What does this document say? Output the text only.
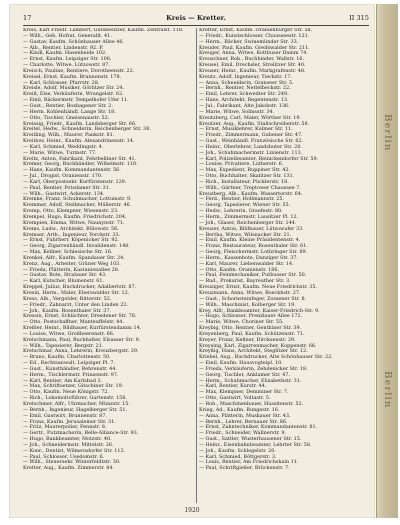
17	Kreis — Kretter.	II 315
Kreis, Karl Friedr. Lambert, Gutsbesitzer, Kaufm. Zentralst. 118.
— Wilh., Geh. Hofrat, Generallt. 41.
— Gustav, Kaufm. Schönhauser Allee 46.
— Alb., Rentier, Lindenstr. 92. P.
— Kindl, Kaufm. Hasenheide 102.
— Ernst, Kaufm. Leipziger Str. 108.
— Charlotte, Witwe, Lützowstr. 87.
Kreisch, Pauline, Rentiere, Dorotheenstr. 22.
Kreisel, Ernst, Kaufm. Brunnenstr. 178.
— Karl, Schlosser, Pfarrstr. 28.
Kreisle, Adolf, Musiker, Görlitzer Str. 24.
Kreiß, Else, Verkäuferin, Wrangelstr. 62.
— Emil, Bäckermstr. Tempelhofer Ufer 11.
— Gust., Rentier, Boxhagener Str. 2.
— Herm. Kohlenhändl. Lange Str. 18.
— Otto, Tischler, Gneisenaustr. 52.
Kreissig, Friedr., Kaufm. Landsberger Str. 66.
Kreitel, Hedw., Schneiderin, Reichenberger Str. 38.
Kreitling, Wilh., Maurer, Pankstr. 81.
Kreitlow, Heinr., Kaufm. Alexandrinenstr. 14.
— Karl, Schmied, Weddingstr. 4.
— Marie, Witwe, Turmstr. 77.
Kreitz, Anton, Fabrikant, Fehrbelliner Str. 41.
Kremer, Georg, Buchhändler, Wilhelmstr. 118.
— Hans, Kaufm. Kommandantenstr. 56.
— Jul., Drogist, Oranienstr. 170.
— Karl, Oberpostsekr. Kurfürstenstr. 129.
— Paul, Rentier, Potsdamer Str. 31.
— Wilh., Gastwirt, Ackerstr. 134.
Kremke, Franz, Schuhmacher, Lottumstr. 9.
Kremmer, Adolf, Stellmacher, Müllerstr. 46.
Kremp, Otto, Klempner, Wiesenstr. 23.
Krempel, Hugo, Kaufm. Friedrichstr. 204.
Krempien, Emma, Witwe, Naunynstr. 71.
Krems, Ludw., Architekt, Bülowstr. 56.
Kremser, Arth., Ingenieur, Yorckstr. 33.
— Ernst, Fuhrherr, Köpenicker Str. 92.
— Georg, Zigarrenhändl. Invalidenstr. 148.
— Max, Kellner, Schlesische Str. 16.
Krenkel, Alfr., Kaufm. Spandauer Str. 24.
Krenz, Aug., Arbeiter, Grüner Weg 103.
— Frieda, Plätterin, Kastanienallee 28.
— Gustav, Bote, Stralauer Str. 43.
— Karl, Kutscher, Blumenstr. 61.
Kreppel, Julius, Buchdrucker, Adalbertstr. 87.
Kresin, Herm., Maler, Eberswalder Str. 12.
Kress, Alb., Vergolder, Ritterstr. 52.
— Friedr., Zahnarzt, Unter den Linden 23.
— Joh., Kaufm. Rosenthaler Str. 37.
Kressin, Ernst, Schlächter, Dresdener Str. 78.
— Otto, Postschaffner, Manteuffelstr. 44.
Kreßler, Heinr., Bildhauer, Kurfürstendamm 14.
— Louise, Witwe, Großbeerenstr. 66.
Kretschmann, Paul, Buchhalter, Elsasser Str. 9.
— Wilh., Tapezierer, Bergstr. 21.
Kretschmar, Anna, Lehrerin, Kreuzbergstr. 29.
— Bruno, Kaufm. Charlottenstr. 50.
— Ed., Rechtsanwalt, Leipziger Pl. 7.
— Gust., Kunsthändler, Behrenstr. 44.
— Herm., Tischlermstr. Prinzenstr. 97.
— Karl, Rentier, Am Karlsbad 3.
— Max, Schriftsetzer, Gitschiner Str. 19.
— Otto, Kaufm. Neue Königstr. 72.
— Rich., Lokomotivführer, Gartenstr. 158.
Kretschmer, Alfr., Uhrmacher, Münzstr. 15.
— Bernh., Ingenieur, Hagelberger Str. 51.
— Emil, Gastwirt, Brunnenstr. 87.
— Franz, Kaufm. Jerusalemer Str. 31.
— Fritz, Maurerpolier, Fennstr. 8.
— Gertr., Putzmacherin, Belle-Alliance-Str. 93.
— Hugo, Bankbeamter, Motzstr. 40.
— Joh., Schneidermstr. Mittelstr. 26.
— Konr., Dentist, Wilmersdorfer Str. 112.
— Paul, Schlosser, Usedomstr. 6.
— Wilh., Steuersekr. Winterfeldtstr. 30.
Kretter, Aug., Kaufm. Zimmerstr. 84.
Kretter, Ernst, Kaufm. Oranienburger Str. 58.
— Friedr., Kunstschlosser, Chausseestr. 121.
— Herm., Bäcker, Swinemünder Str. 33.
Kreuder, Paul, Kaufm. Greifswalder Str. 211.
Kreuger, Anna, Witwe, Kottbuser Damm 74.
Kreuschner, Rob., Buchbinder, Wallstr. 16.
Kreusel, Emil, Drechsler, Strelitzer Str. 40.
Kreuser, Heinr., Kaufm. Markgrafenstr. 48.
Kreutz, Adolf, Ingenieur, Tieckstr. 17.
— Anna, Schneiderin, Granseer Str. 5.
— Bernh., Rentier, Nettelbeckstr. 22.
— Emil, Lehrer, Schwedter Str. 249.
— Hans, Architekt, Regentenstr. 13.
— Jul., Fabrikant, Alte Jakobstr. 136.
— Marie, Witwe, Solmsstr. 34.
Kreutzberg, Carl, Maler, Wörther Str. 19.
Kreutzer, Aug., Kaufm. Stallschreiberstr. 58.
— Ernst, Musiklehrer, Kulmer Str. 11.
— Friedr., Zimmermann, Gubener Str. 47.
— Gust., Weinhändl. Französische Str. 62.
— Heinr., Oberlehrer, Landshuter Str. 28.
— Joh., Schuhmachermstr. Linienstr. 113.
— Karl, Polizeibeamter, Reinickendorfer Str. 59.
— Louise, Privatiere, Lutherstr. 6.
— Max, Expedient, Ruppiner Str. 42.
— Otto, Buchhalter, Skalitzer Str. 131.
— Rich., Installateur, Pücklerstr. 18.
— Wilh., Gärtner, Treptower Chaussee 7.
Kreuzberg, Alb., Kaufm. Wassertorstr. 64.
— Ferd., Rentier, Hollmannstr. 25.
— Georg, Tapezierer, Wiener Str. 55.
— Hedw., Lehrerin, Graefestr. 80.
— Herm., Zimmermstr. Lausitzer Pl. 12.
— Joh., Glaser, Reichenberger Str. 144.
Kreuzer, Anton, Bildhauer, Lützowufer 33.
— Bertha, Witwe, Wilsnacker Str. 21.
— Emil, Kaufm. Kleine Präsidentenstr. 4.
— Franz, Restaurateur, Rosenthaler Str. 61.
— Georg, Fleischermstr. Lothringer Str. 89.
— Herm., Kassenbote, Danziger Str. 37.
— Karl, Maurer, Liebenwalder Str. 14.
— Otto, Kaufm. Oranienstr. 186.
— Paul, Feinmechaniker, Putbusser Str. 50.
— Rud., Prokurist, Bayreuther Str. 3.
Kreuziger, Ernst, Kaufm. Neue Friedrichstr. 35.
Kreuzmann, Anna, Witwe, Boeckhstr. 27.
— Gust., Schornsteinfeger, Zossener Str. 8.
— Wilh., Maschinist, Kolberger Str. 19.
Krey, Alfr., Bankbeamter, Kaiser-Friedrich-Str. 9.
— Hugo, Schlosser, Prenzlauer Allee 172.
— Marie, Witwe, Choriner Str. 55.
Kreybig, Otto, Rentier, Genthiner Str. 39.
Kreyenberg, Paul, Kaufm. Schützenstr. 71.
Kreyer, Franz, Kellner, Dircksenstr. 29.
Kreysing, Karl, Zigarrenmacher, Koppenstr. 66.
Kreyßig, Hans, Architekt, Steglitzer Str. 12.
Kriebel, Aug., Buchdrucker, Alte Schönhauser Str. 22.
— Emil, Kaufm. Hausvogteipl. 10.
— Frieda, Verkäuferin, Zehdenicker Str. 18.
— Georg, Tischler, Anklamer Str. 47.
— Herm., Schuhmacher, Elisabethstr. 31.
— Karl, Rentier, Kurstr. 44.
— Max, Klempner, Demminer Str. 7.
— Otto, Gastwirt, Voltastr. 5.
— Rob., Maschinenbauer, Hussitenstr. 52.
Krieg, Ad., Kaufm. Rungestr. 16.
— Anna, Plätterin, Muskauer Str. 43.
— Bernh., Lehrer, Bernauer Str. 86.
— Ernst, Zahntechniker, Kommandantenstr. 81.
— Friedr., Schneider, Wallnerstr. 9.
— Gust., Sattler, Wusterhausener Str. 15.
— Heinr., Eisenbahnbeamter, Lehrter Str. 58.
— Joh., Kaufm. Schlegelstr. 20.
— Karl, Schmied, Böttgerstr. 3.
— Louis, Rentier, Am Friedrichshain 11.
— Paul, Schriftgießer, Brückenstr. 7.
1920
Berlin
Berlin
